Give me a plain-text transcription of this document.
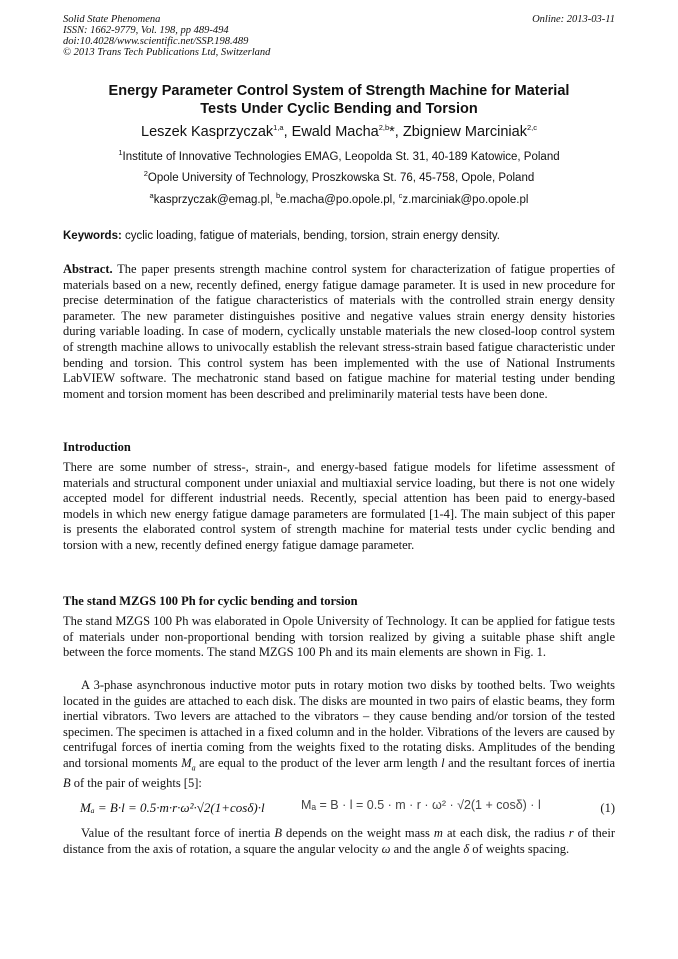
Solid State Phenomena
ISSN: 1662-9779, Vol. 198, pp 489-494
doi:10.4028/www.scientific.net/SSP.198.489
© 2013 Trans Tech Publications Ltd, Switzerland
Online: 2013-03-11
Energy Parameter Control System of Strength Machine for Material
Tests Under Cyclic Bending and Torsion
Leszek Kasprzyczak$^{1,a}$, Ewald Macha$^{2,b}$*, Zbigniew Marciniak$^{2,c}$
$^1$Institute of Innovative Technologies EMAG, Leopolda St. 31, 40-189 Katowice, Poland
$^2$Opole University of Technology, Proszkowska St. 76, 45-758, Opole, Poland
$^a$kasprzyczak@emag.pl, $^b$e.macha@po.opole.pl, $^c$z.marciniak@po.opole.pl
Keywords: cyclic loading, fatigue of materials, bending, torsion, strain energy density.
Abstract. The paper presents strength machine control system for characterization of fatigue properties of materials based on a new, recently defined, energy fatigue damage parameter. It is used in new procedure for precise determination of the fatigue characteristics of materials with the controlled strain energy density parameter. The new parameter distinguishes positive and negative values strain energy density histories during variable loading. In case of modern, cyclically unstable materials the new closed-loop control system of strength machine allows to univocally establish the relevant stress-strain based fatigue characteristic under bending and torsion. This control system has been implemented with the use of National Instruments LabVIEW software. The mechatronic stand based on fatigue machine for material testing under bending moment and torsion moment has been described and preliminarily material tests have been done.
Introduction
There are some number of stress-, strain-, and energy-based fatigue models for lifetime assessment of materials and structural component under uniaxial and multiaxial service loading, but there is not one widely accepted model for different industrial needs. Recently, special attention has been paid to energy-based models in which new energy fatigue damage parameters are formulated [1-4]. The main subject of this paper is presents the elaborated control system of strength machine for material tests under cyclic bending and torsion with a new, recently defined energy fatigue damage parameter.
The stand MZGS 100 Ph for cyclic bending and torsion
The stand MZGS 100 Ph was elaborated in Opole University of Technology. It can be applied for fatigue tests of materials under non-proportional bending with torsion realized by giving a suitable phase shift angle between the force moments. The stand MZGS 100 Ph and its main elements are shown in Fig. 1.
A 3-phase asynchronous inductive motor puts in rotary motion two disks by toothed belts. Two weights located in the guides are attached to each disk. The disks are mounted in two pairs of elastic beams, they form inertial vibrators. Two levers are attached to the vibrators – they cause bending and/or torsion of the tested specimen. The specimen is attached in a fixed column and in the holder. Vibrations of the levers are caused by centrifugal forces of inertia coming from the weights fixed to the rotating disks. Amplitudes of the bending and torsional moments $M_a$ are equal to the product of the lever arm length l and the resultant forces of inertia B of the pair of weights [5]:
Mₐ = B·l = 0.5·m·r·ω²·√2(1+cosδ)·l	Mₐ = B · l = 0.5 · m · r · ω² · √2(1 + cosδ) · l	(1)
Value of the resultant force of inertia B depends on the weight mass m at each disk, the radius r of their distance from the axis of rotation, a square the angular velocity ω and the angle δ of weights spacing.
